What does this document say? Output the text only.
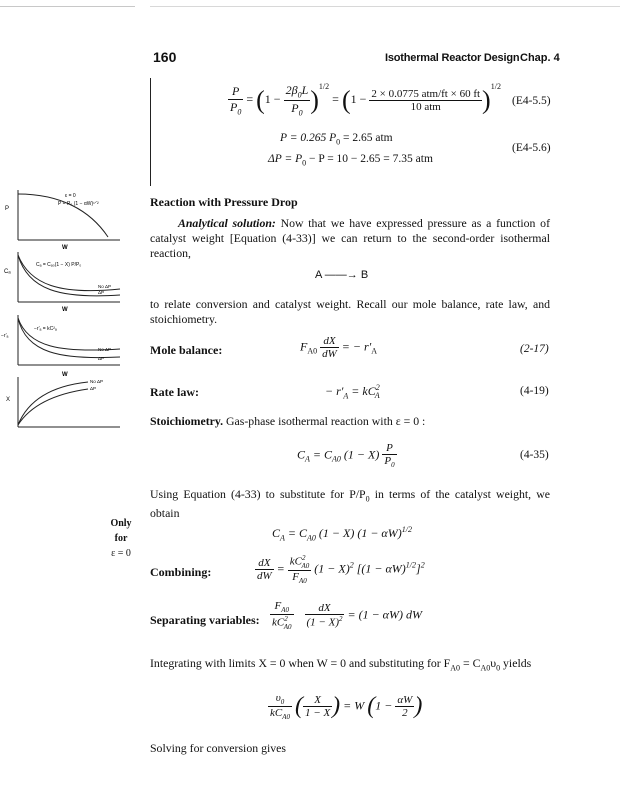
160	Isothermal Reactor Design Chap. 4
$\frac{P}{P_0} = (1 - \frac{2\beta_0L}{P_0} )^{1/2} = (1 - \frac{\text{2 × 0.0775 atm/ft × 60 ft}}{\text{10 atm}} )^{1/2}$
(E4-5.5)
P = 0.265 $P_0 = 2.65$ atm
$\Delta P = P_0 - P = 10 - 2.65 = 7.35$ atm
(E4-5.6)
P
W
ε = 0
P = P₀ (1 − αW)¹ᐟ²
Cₐ
W
Cₐ = Cₐ₀(1 − X) P/P₀
No ΔP
ΔP
−r′ₐ
W
−r′ₐ = kC²ₐ
No ΔP
ΔP
X
No ΔP
ΔP
Reaction with Pressure Drop
Analytical solution: Now that we have expressed pressure as a function of catalyst weight [Equation (4-33)] we can return to the second-order isothermal reaction,
A ——→ B
to relate conversion and catalyst weight. Recall our mole balance, rate law, and stoichiometry.
Mole balance:	$F_{A0} \frac{dX}{dW}$ = − $r'_A$	(2-17)
Rate law:	− $r'_A = kC^2_A$	(4-19)
Stoichiometry. Gas-phase isothermal reaction with ε = 0 :
$C_A = C_{A0}$ $(1 - X) \frac{P}{P_0}$	(4-35)
Using Equation (4-33) to substitute for $P/P_0$ in terms of the catalyst weight, we obtain
Only
for
ε = 0
$C_A = C_{A0}$ (1 − X) $(1 - \alpha W)^{1/2}$
Combining:	$\frac{dX}{dW} = \frac{kC^2_{A0}}{F_{A0}} (1 - X)^2$ $[(1 - \alpha W)^{1/2}]^2$
Separating variables: $\frac{F_{A0}}{kC^2_{A0}}$
$\frac{dX}{(1 - X)^2} = (1 - \alpha W)$ dW
Integrating with limits X = 0 when W = 0 and substituting for $F_{A0} = C_{A0}\upsilon_0$ yields
$\frac{\upsilon_0}{kC_{A0}}$ ( $\frac{X}{1 - X}$ ) = W ($1 - \frac{\alpha W}{2}$ )
Solving for conversion gives
